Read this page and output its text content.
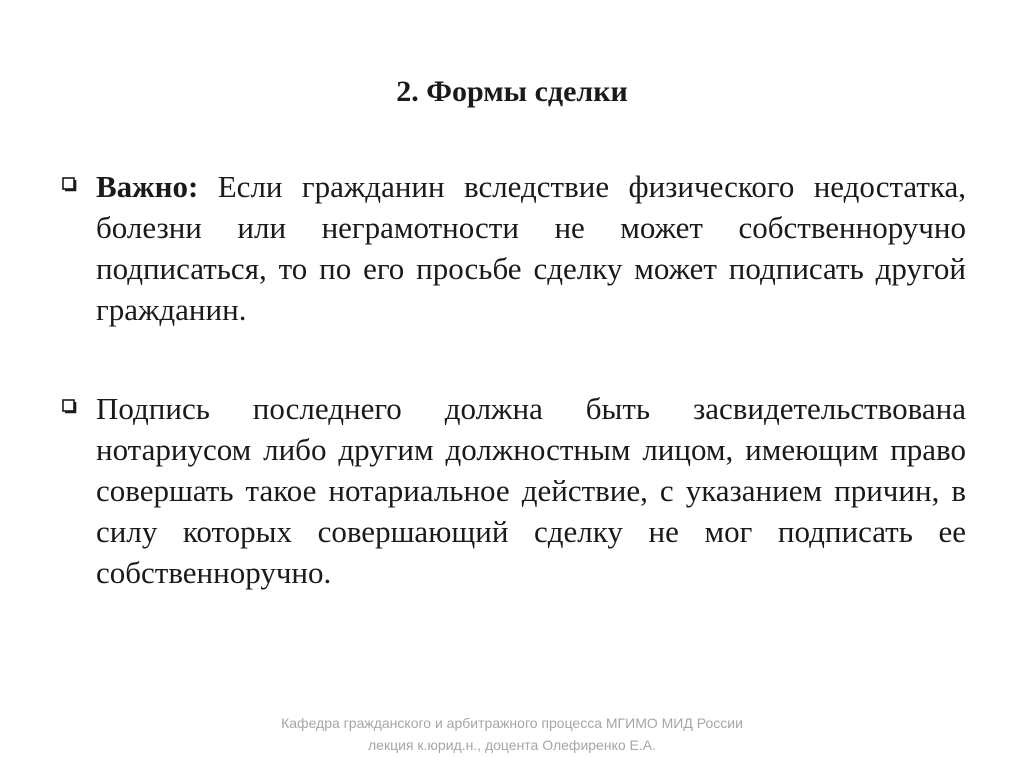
2. Формы сделки
Важно: Если гражданин вследствие физического недостатка, болезни или неграмотности не может собственноручно подписаться, то по его просьбе сделку может подписать другой гражданин.
Подпись последнего должна быть засвидетельствована нотариусом либо другим должностным лицом, имеющим право совершать такое нотариальное действие, с указанием причин, в силу которых совершающий сделку не мог подписать ее собственноручно.
Кафедра гражданского и арбитражного процесса МГИМО МИД России
лекция к.юрид.н., доцента Олефиренко Е.А.
